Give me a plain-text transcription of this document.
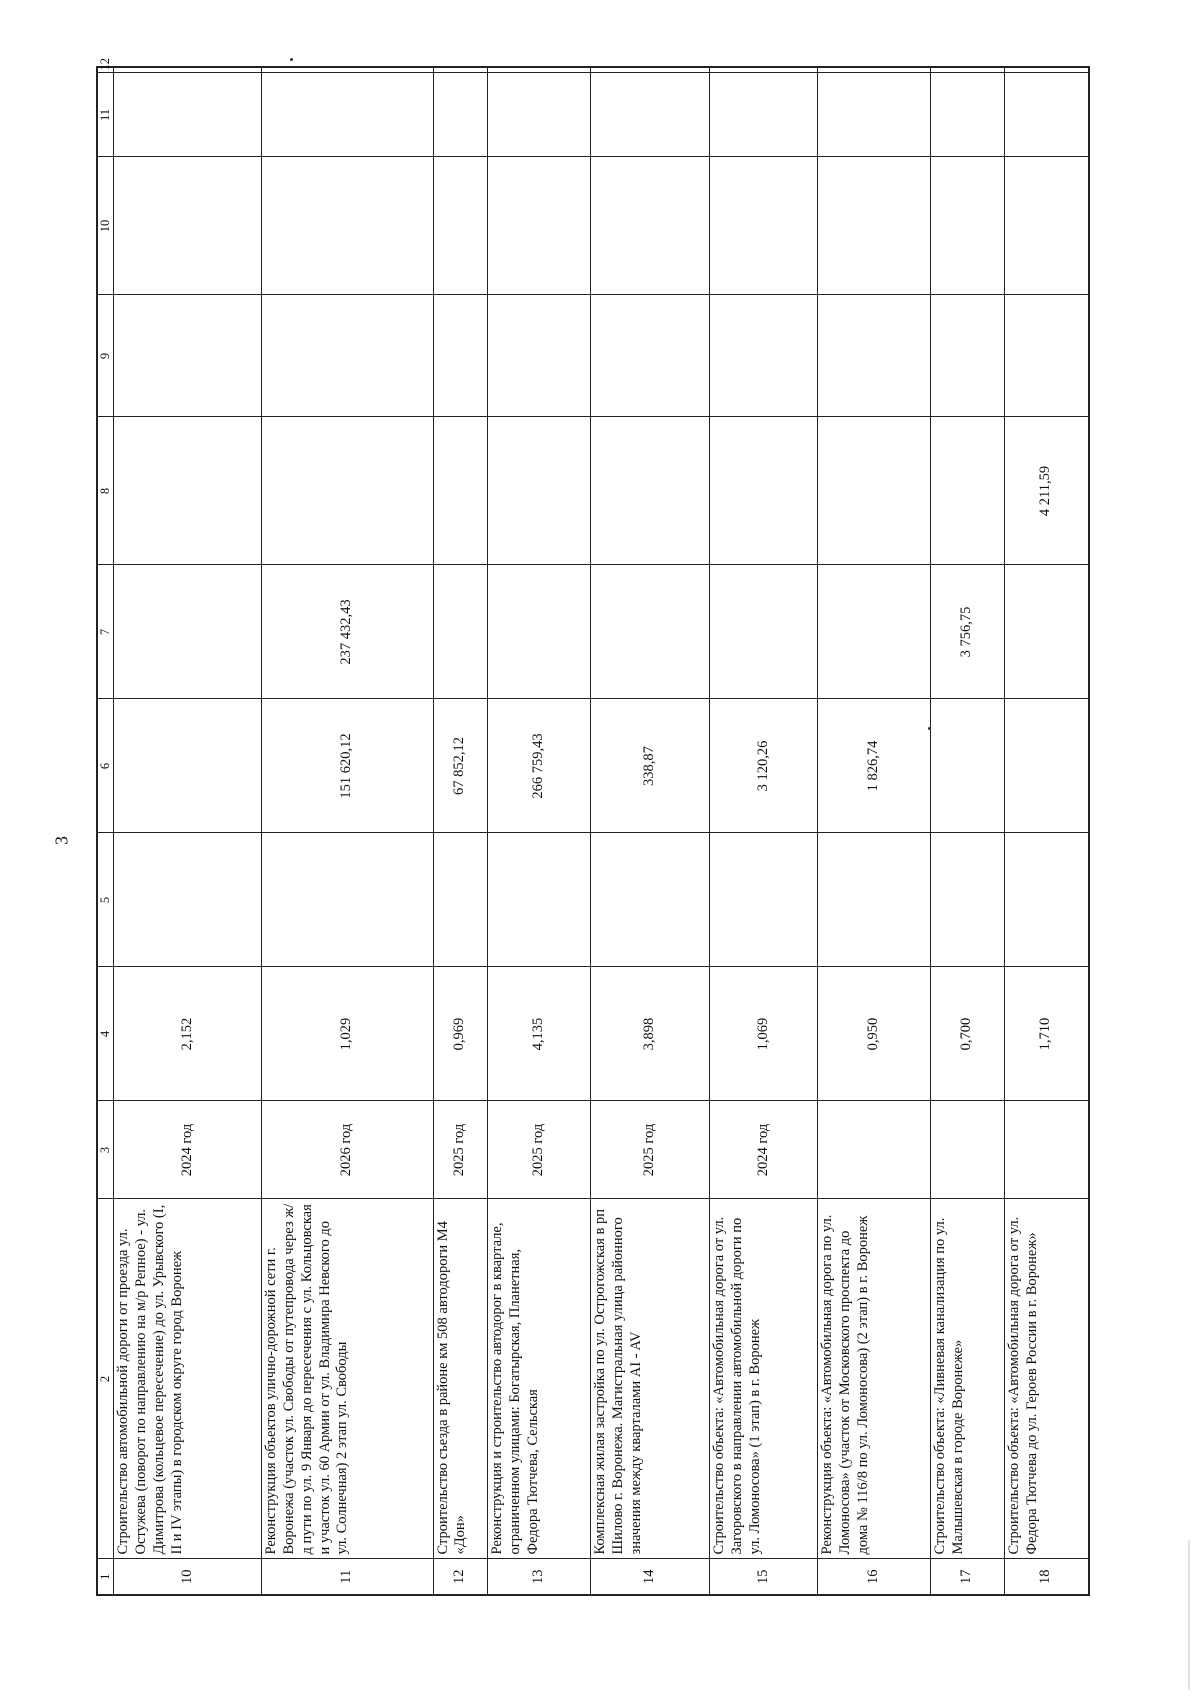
3
1	2	3	4	5	6	7	8	9	10	11	12
10	Строительство автомобильной дороги от проезда ул. Остужева (поворот по направлению на м/р Репное) - ул. Димитрова (кольцевое пересечение) до ул. Урывского (I, II и IV этапы) в городском округе город Воронеж	2024 год	2,152								
11	Реконструкция объектов улично-дорожной сети г. Воронежа (участок ул. Свободы от путепровода через ж/д пути по ул. 9 Января до пересечения с ул. Кольцовская и участок ул. 60 Армии от ул. Владимира Невского до ул. Солнечная) 2 этап ул. Свободы	2026 год	1,029		151 620,12	237 432,43					
12	Строительство съезда в районе км 508 автодороги М4 «Дон»	2025 год	0,969		67 852,12						
13	Реконструкция и строительство автодорог в квартале, ограниченном улицами: Богатырская, Планетная, Федора Тютчева, Сельская	2025 год	4,135		266 759,43						
14	Комплексная жилая застройка по ул. Острогожская в рп Шилово г. Воронежа. Магистральная улица районного значения между кварталами AI - AV	2025 год	3,898		338,87						
15	Строительство объекта: «Автомобильная дорога от ул. Загоровского в направлении автомобильной дороги по ул. Ломоносова» (1 этап) в г. Воронеж	2024 год	1,069		3 120,26						
16	Реконструкция объекта: «Автомобильная дорога по ул. Ломоносова» (участок от Московского проспекта до дома № 116/8 по ул. Ломоносова) (2 этап) в г. Воронеж		0,950		1 826,74						
17	Строительство объекта: «Ливневая канализация по ул. Малышевская в городе Воронеже»		0,700			3 756,75					
18	Строительство объекта: «Автомобильная дорога от ул. Федора Тютчева до ул. Героев России в г. Воронеж»		1,710				4 211,59				
